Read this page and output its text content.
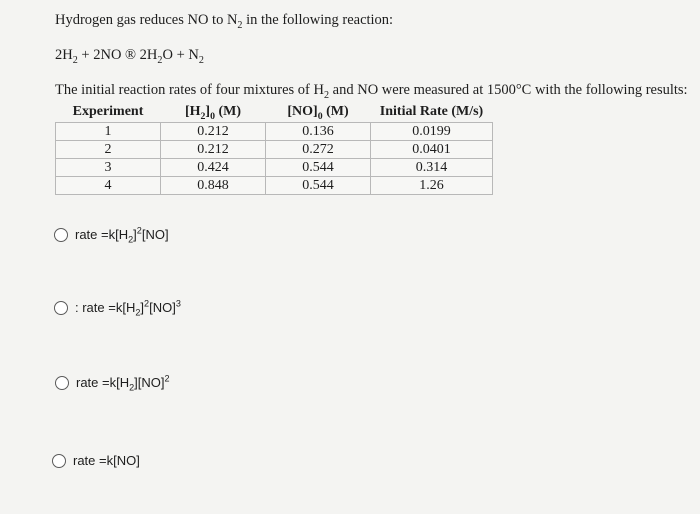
Hydrogen gas reduces NO to $N_2$ in the following reaction:
$2H_2 + 2NO$ ® $2H_2O + N_2$
The initial reaction rates of four mixtures of $H_2$ and NO were measured at 1500°C with the following results:
Experiment	$[H_2]_0$ (M)	$[NO]_0$ (M)	Initial Rate (M/s)
1	0.212	0.136	0.0199
2	0.212	0.272	0.0401
3	0.424	0.544	0.314
4	0.848	0.544	1.26
rate $=k[H_2]^2[NO]$
: rate $=k[H_2]^2[NO]^3$
rate $=k[H_2][NO]^2$
rate =k[NO]
